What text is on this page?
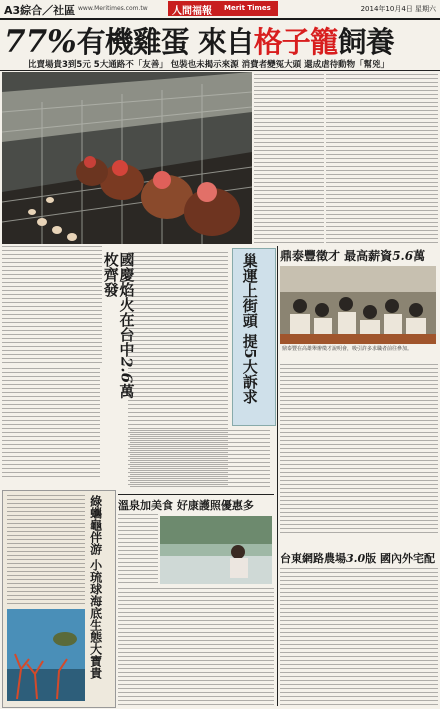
A3綜合／社區 www.Meritimes.com.tw 人間福報 Merit Times	2014年10月4日 星期六
77%有機雞蛋 來自格子籠飼養
比賣場貴3到5元 5大通路不「友善」 包裝也未揭示來源 消費者變冤大頭 還成虐待動物「幫兇」
國慶焰火在台中2.6萬枚齊發	巢運上街頭 提5大訴求
鼎泰豐徵才 最高薪資5.6萬
鼎泰豐在高雄舉辦徵才說明會，吸引許多求職者前往參加。
溫泉加美食 好康護照優惠多
綠蠵龜伴游 小琉球海底生態大寶貴	台東網路農場3.0版 國內外宅配
